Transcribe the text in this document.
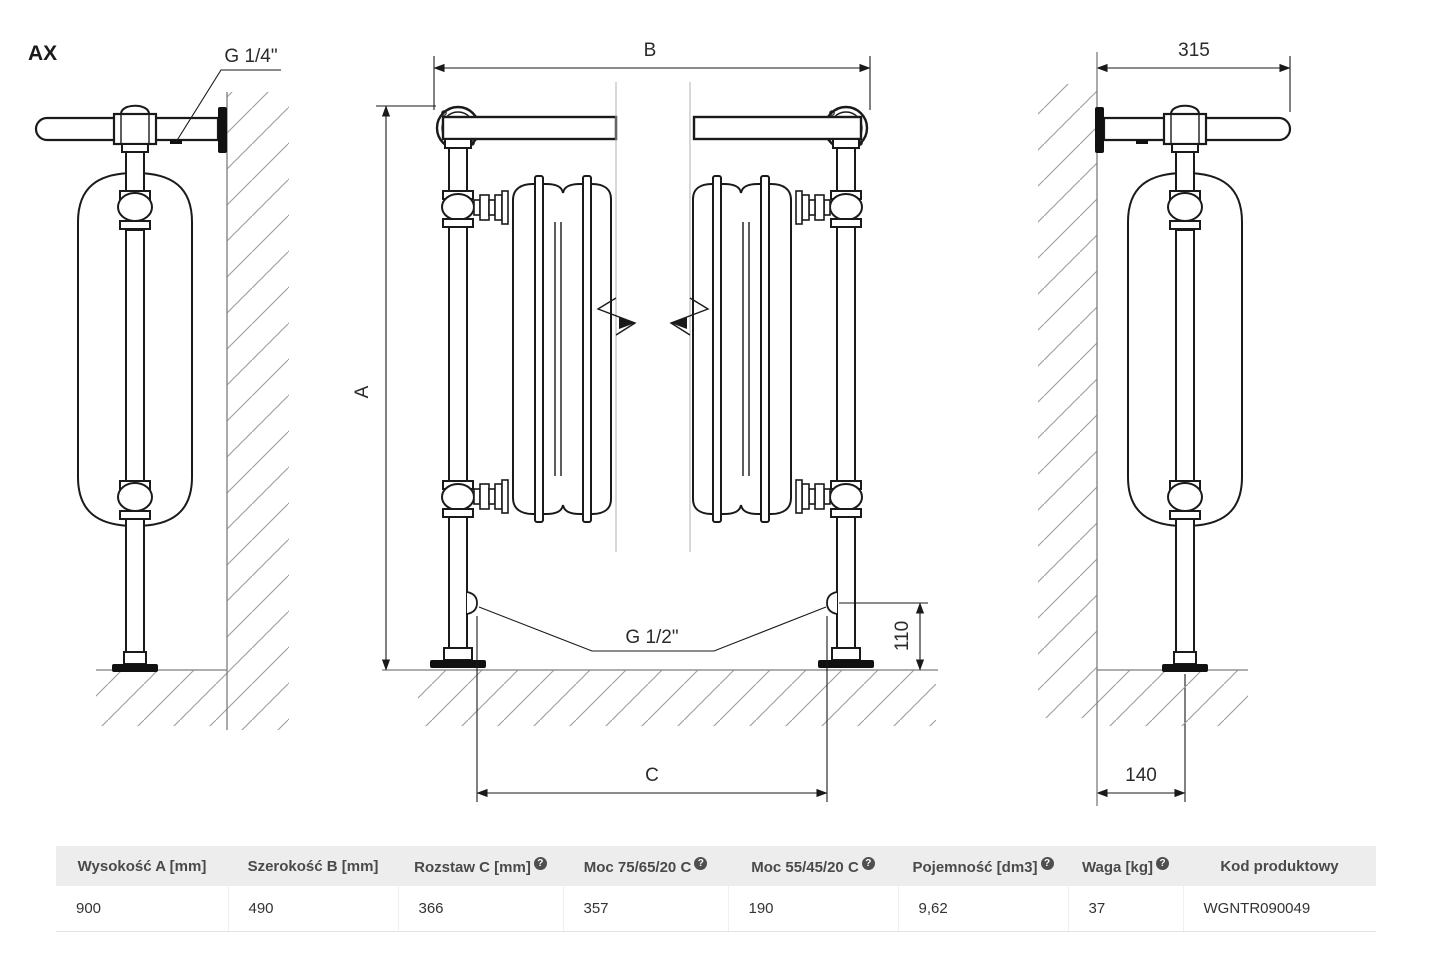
G 1/4"
AX
G 1/2"
B
A
C
110
315
140
Wysokość A [mm]	Szerokość B [mm]	Rozstaw C [mm] ?	Moc 75/65/20 C ?	Moc 55/45/20 C ?	Pojemność [dm3] ?	Waga [kg] ?	Kod produktowy
900	490	366	357	190	9,62	37	WGNTR090049
